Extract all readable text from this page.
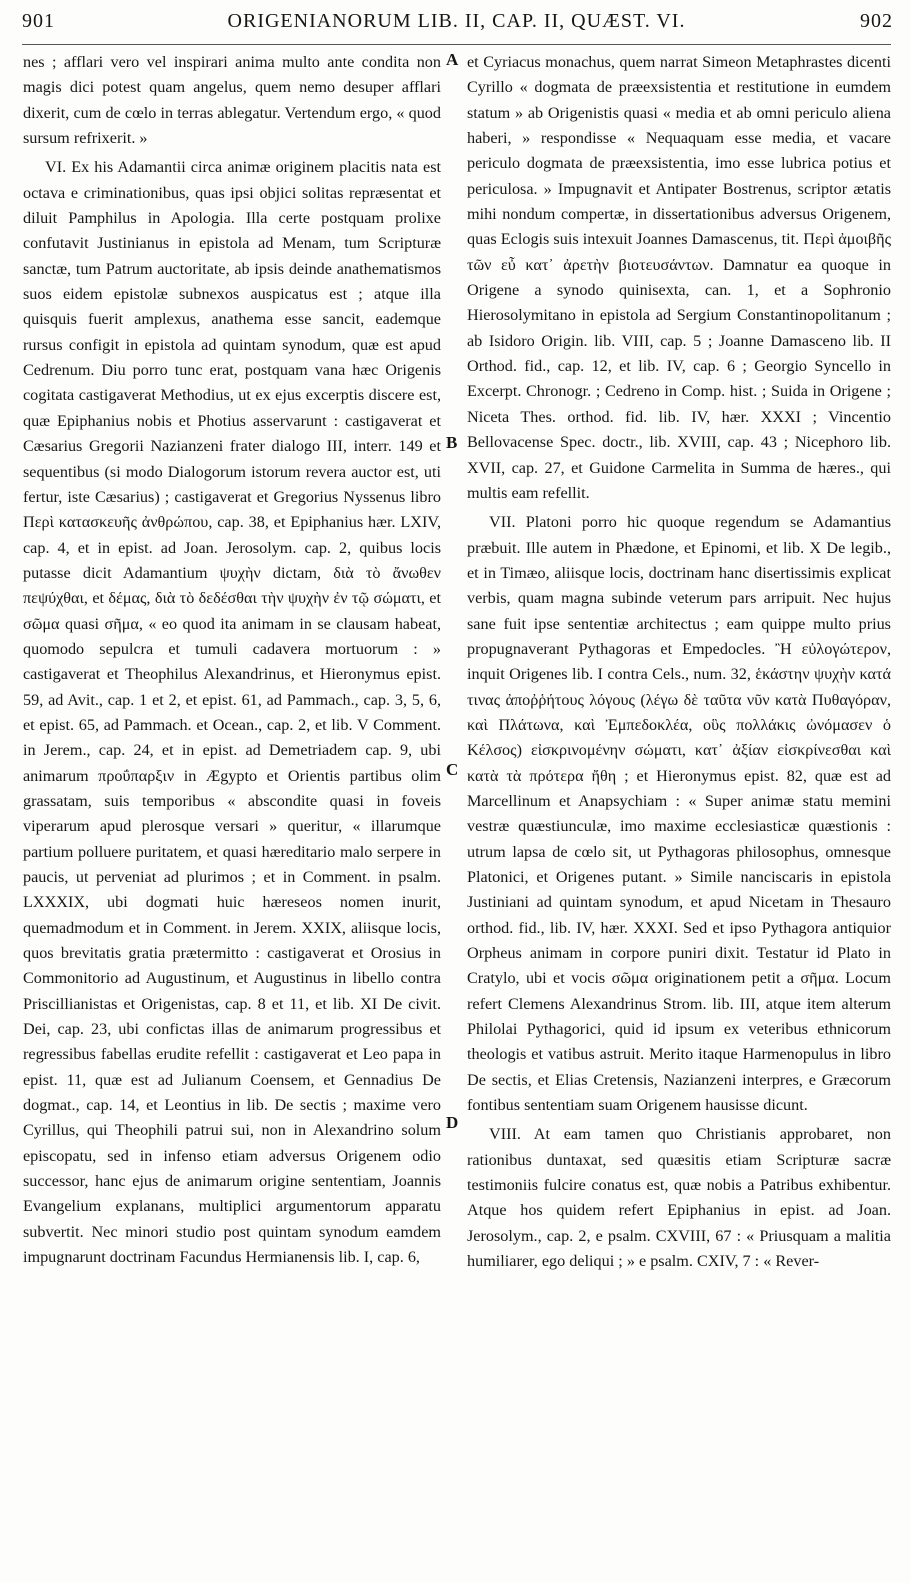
901	ORIGENIANORUM LIB. II, CAP. II, QUÆST. VI.	902

nes ; afflari vero vel inspirari anima multo ante condita non magis dici potest quam angelus, quem nemo desuper afflari dixerit, cum de cœlo in terras ablegatur. Vertendum ergo, « quod sursum refrixerit. »

VI. Ex his Adamantii circa animæ originem placitis nata est octava e criminationibus, quas ipsi objici solitas repræsentat et diluit Pamphilus in Apologia. Illa certe postquam prolixe confutavit Justinianus in epistola ad Menam, tum Scripturæ sanctæ, tum Patrum auctoritate, ab ipsis deinde anathematismos suos eidem epistolæ subnexos auspicatus est ; atque illa quisquis fuerit amplexus, anathema esse sancit, eademque rursus configit in epistola ad quintam synodum, quæ est apud Cedrenum. Diu porro tunc erat, postquam vana hæc Origenis cogitata castigaverat Methodius, ut ex ejus excerptis discere est, quæ Epiphanius nobis et Photius asservarunt : castigaverat et Cæsarius Gregorii Nazianzeni frater dialogo III, interr. 149 et sequentibus (si modo Dialogorum istorum revera auctor est, uti fertur, iste Cæsarius) ; castigaverat et Gregorius Nyssenus libro Περὶ κατασκευῆς ἀνθρώπου, cap. 38, et Epiphanius hær. LXIV, cap. 4, et in epist. ad Joan. Jerosolym. cap. 2, quibus locis putasse dicit Adamantium ψυχὴν dictam, διὰ τὸ ἄνωθεν πεψύχθαι, et δέμας, διὰ τὸ δεδέσθαι τὴν ψυχὴν ἐν τῷ σώματι, et σῶμα quasi σῆμα, « eo quod ita animam in se clausam habeat, quomodo sepulcra et tumuli cadavera mortuorum : » castigaverat et Theophilus Alexandrinus, et Hieronymus epist. 59, ad Avit., cap. 1 et 2, et epist. 61, ad Pammach., cap. 3, 5, 6, et epist. 65, ad Pammach. et Ocean., cap. 2, et lib. V Comment. in Jerem., cap. 24, et in epist. ad Demetriadem cap. 9, ubi animarum προΰπαρξιν in Ægypto et Orientis partibus olim grassatam, suis temporibus « abscondite quasi in foveis viperarum apud plerosque versari » queritur, « illarumque partium polluere puritatem, et quasi hæreditario malo serpere in paucis, ut perveniat ad plurimos ; et in Comment. in psalm. LXXXIX, ubi dogmati huic hæreseos nomen inurit, quemadmodum et in Comment. in Jerem. XXIX, aliisque locis, quos brevitatis gratia prætermitto : castigaverat et Orosius in Commonitorio ad Augustinum, et Augustinus in libello contra Priscillianistas et Origenistas, cap. 8 et 11, et lib. XI De civit. Dei, cap. 23, ubi confictas illas de animarum progressibus et regressibus fabellas erudite refellit : castigaverat et Leo papa in epist. 11, quæ est ad Julianum Coensem, et Gennadius De dogmat., cap. 14, et Leontius in lib. De sectis ; maxime vero Cyrillus, qui Theophili patrui sui, non in Alexandrino solum episcopatu, sed in infenso etiam adversus Origenem odio successor, hanc ejus de animarum origine sententiam, Joannis Evangelium explanans, multiplici argumentorum apparatu subvertit. Nec minori studio post quintam synodum eamdem impugnarunt doctrinam Facundus Hermianensis lib. I, cap. 6,

A
B
C
D

et Cyriacus monachus, quem narrat Simeon Metaphrastes dicenti Cyrillo « dogmata de præexsistentia et restitutione in eumdem statum » ab Origenistis quasi « media et ab omni periculo aliena haberi, » respondisse « Nequaquam esse media, et vacare periculo dogmata de præexsistentia, imo esse lubrica potius et periculosa. » Impugnavit et Antipater Bostrenus, scriptor ætatis mihi nondum compertæ, in dissertationibus adversus Origenem, quas Eclogis suis intexuit Joannes Damascenus, tit. Περὶ ἀμοιβῆς τῶν εὖ κατ᾽ ἀρετὴν βιοτευσάντων. Damnatur ea quoque in Origene a synodo quinisexta, can. 1, et a Sophronio Hierosolymitano in epistola ad Sergium Constantinopolitanum ; ab Isidoro Origin. lib. VIII, cap. 5 ; Joanne Damasceno lib. II Orthod. fid., cap. 12, et lib. IV, cap. 6 ; Georgio Syncello in Excerpt. Chronogr. ; Cedreno in Comp. hist. ; Suida in Origene ; Niceta Thes. orthod. fid. lib. IV, hær. XXXI ; Vincentio Bellovacense Spec. doctr., lib. XVIII, cap. 43 ; Nicephoro lib. XVII, cap. 27, et Guidone Carmelita in Summa de hæres., qui multis eam refellit.

VII. Platoni porro hic quoque regendum se Adamantius præbuit. Ille autem in Phædone, et Epinomi, et lib. X De legib., et in Timæo, aliisque locis, doctrinam hanc disertissimis explicat verbis, quam magna subinde veterum pars arripuit. Nec hujus sane fuit ipse sententiæ architectus ; eam quippe multo prius propugnaverant Pythagoras et Empedocles. Ἢ εὐλογώτερον, inquit Origenes lib. I contra Cels., num. 32, ἑκάστην ψυχὴν κατά τινας ἀποῤῥήτους λόγους (λέγω δὲ ταῦτα νῦν κατὰ Πυθαγόραν, καὶ Πλάτωνα, καὶ Ἐμπεδοκλέα, οὓς πολλάκις ὠνόμασεν ὁ Κέλσος) εἰσκρινομένην σώματι, κατ᾽ ἀξίαν εἰσκρίνεσθαι καὶ κατὰ τὰ πρότερα ἤθη ; et Hieronymus epist. 82, quæ est ad Marcellinum et Anapsychiam : « Super animæ statu memini vestræ quæstiunculæ, imo maxime ecclesiasticæ quæstionis : utrum lapsa de cœlo sit, ut Pythagoras philosophus, omnesque Platonici, et Origenes putant. » Simile nanciscaris in epistola Justiniani ad quintam synodum, et apud Nicetam in Thesauro orthod. fid., lib. IV, hær. XXXI. Sed et ipso Pythagora antiquior Orpheus animam in corpore puniri dixit. Testatur id Plato in Cratylo, ubi et vocis σῶμα originationem petit a σῆμα. Locum refert Clemens Alexandrinus Strom. lib. III, atque item alterum Philolai Pythagorici, quid id ipsum ex veteribus ethnicorum theologis et vatibus astruit. Merito itaque Harmenopulus in libro De sectis, et Elias Cretensis, Nazianzeni interpres, e Græcorum fontibus sententiam suam Origenem hausisse dicunt.

VIII. At eam tamen quo Christianis approbaret, non rationibus duntaxat, sed quæsitis etiam Scripturæ sacræ testimoniis fulcire conatus est, quæ nobis a Patribus exhibentur. Atque hos quidem refert Epiphanius in epist. ad Joan. Jerosolym., cap. 2, e psalm. CXVIII, 67 : « Priusquam a malitia humiliarer, ego deliqui ; » e psalm. CXIV, 7 : « Rever-
